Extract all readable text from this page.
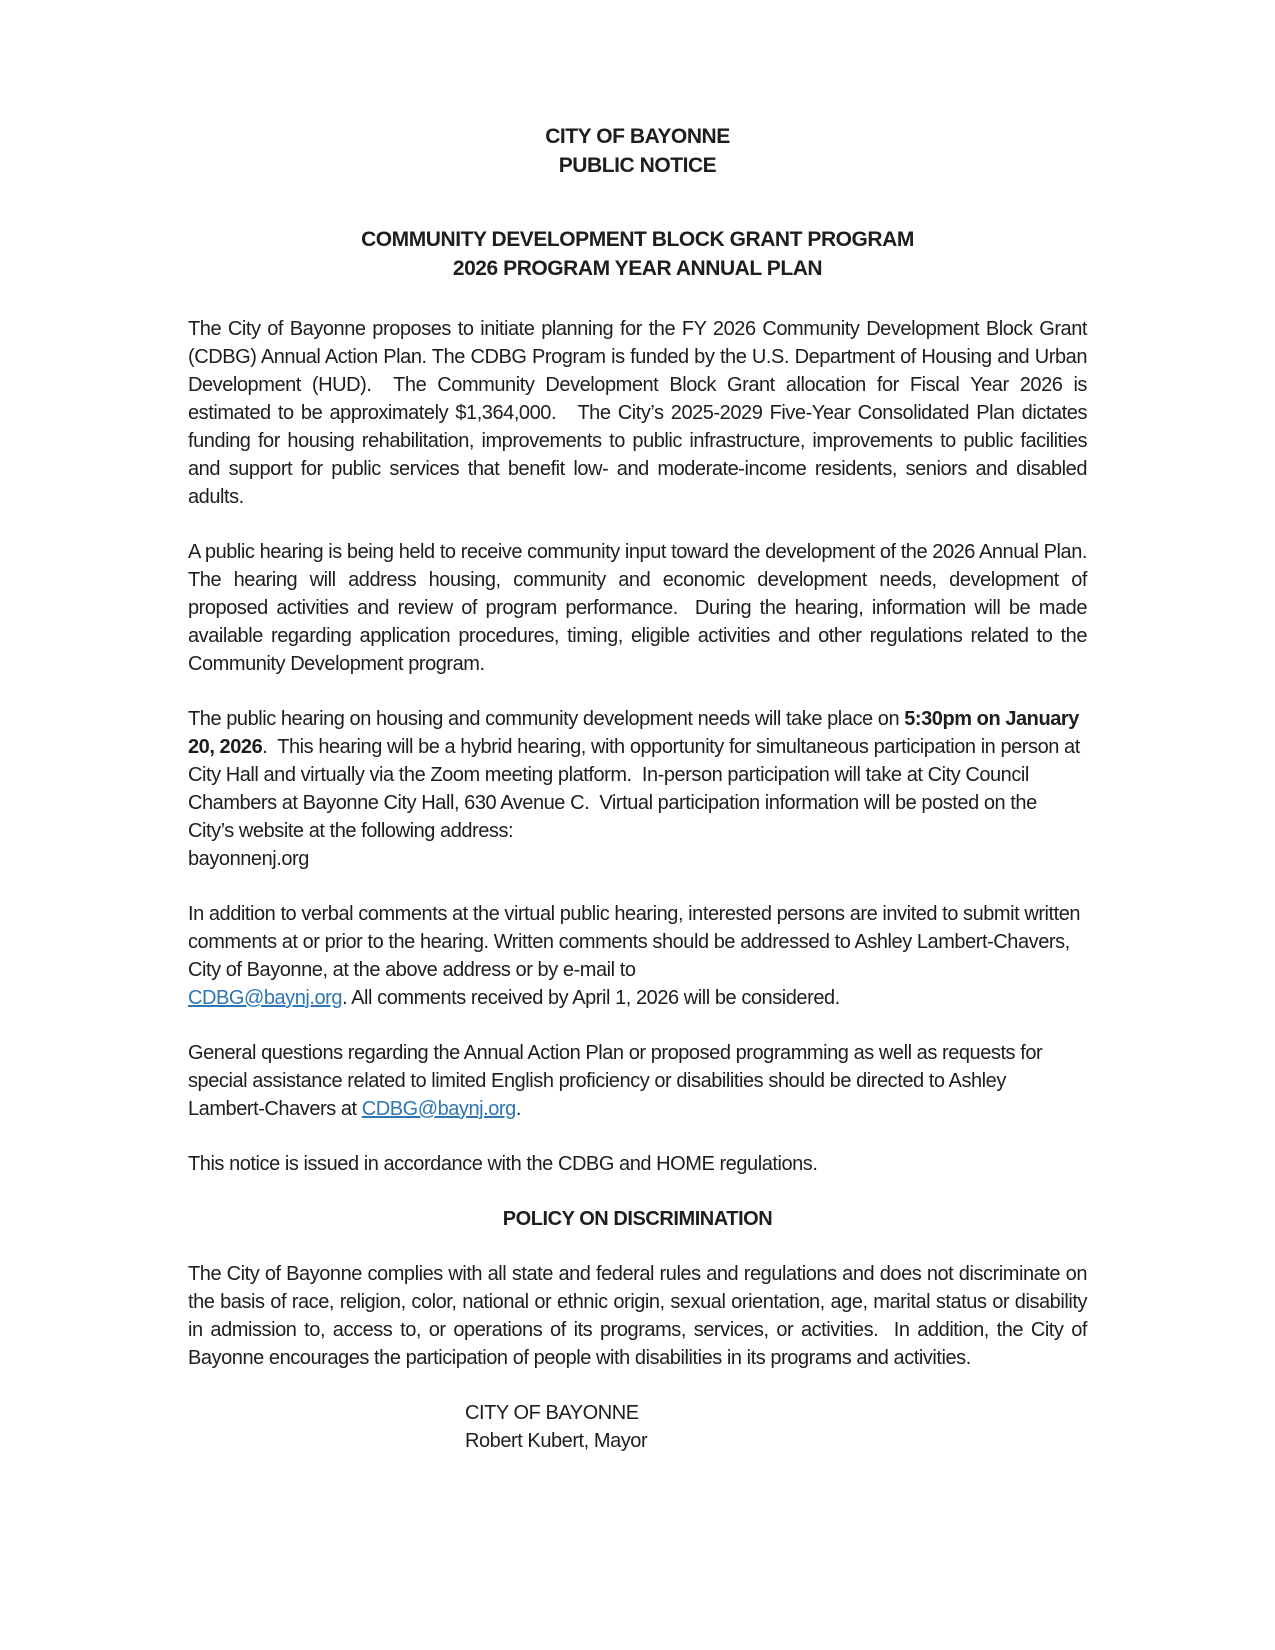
CITY OF BAYONNE
PUBLIC NOTICE
COMMUNITY DEVELOPMENT BLOCK GRANT PROGRAM
2026 PROGRAM YEAR ANNUAL PLAN

The City of Bayonne proposes to initiate planning for the FY 2026 Community Development Block Grant (CDBG) Annual Action Plan. The CDBG Program is funded by the U.S. Department of Housing and Urban Development (HUD).  The Community Development Block Grant allocation for Fiscal Year 2026 is estimated to be approximately $1,364,000.   The City’s 2025-2029 Five-Year Consolidated Plan dictates funding for housing rehabilitation, improvements to public infrastructure, improvements to public facilities and support for public services that benefit low- and moderate-income residents, seniors and disabled adults.

A public hearing is being held to receive community input toward the development of the 2026 Annual Plan. The hearing will address housing, community and economic development needs, development of proposed activities and review of program performance.  During the hearing, information will be made available regarding application procedures, timing, eligible activities and other regulations related to the Community Development program.

The public hearing on housing and community development needs will take place on 5:30pm on January 20, 2026.  This hearing will be a hybrid hearing, with opportunity for simultaneous participation in person at City Hall and virtually via the Zoom meeting platform.  In-person participation will take at City Council Chambers at Bayonne City Hall, 630 Avenue C.  Virtual participation information will be posted on the City’s website at the following address:
bayonnenj.org

In addition to verbal comments at the virtual public hearing, interested persons are invited to submit written comments at or prior to the hearing. Written comments should be addressed to Ashley Lambert-Chavers, City of Bayonne, at the above address or by e-mail to
CDBG@baynj.org. All comments received by April 1, 2026 will be considered.

General questions regarding the Annual Action Plan or proposed programming as well as requests for special assistance related to limited English proficiency or disabilities should be directed to Ashley Lambert-Chavers at CDBG@baynj.org.

This notice is issued in accordance with the CDBG and HOME regulations.

POLICY ON DISCRIMINATION

The City of Bayonne complies with all state and federal rules and regulations and does not discriminate on the basis of race, religion, color, national or ethnic origin, sexual orientation, age, marital status or disability in admission to, access to, or operations of its programs, services, or activities.  In addition, the City of Bayonne encourages the participation of people with disabilities in its programs and activities.

CITY OF BAYONNE
Robert Kubert, Mayor
